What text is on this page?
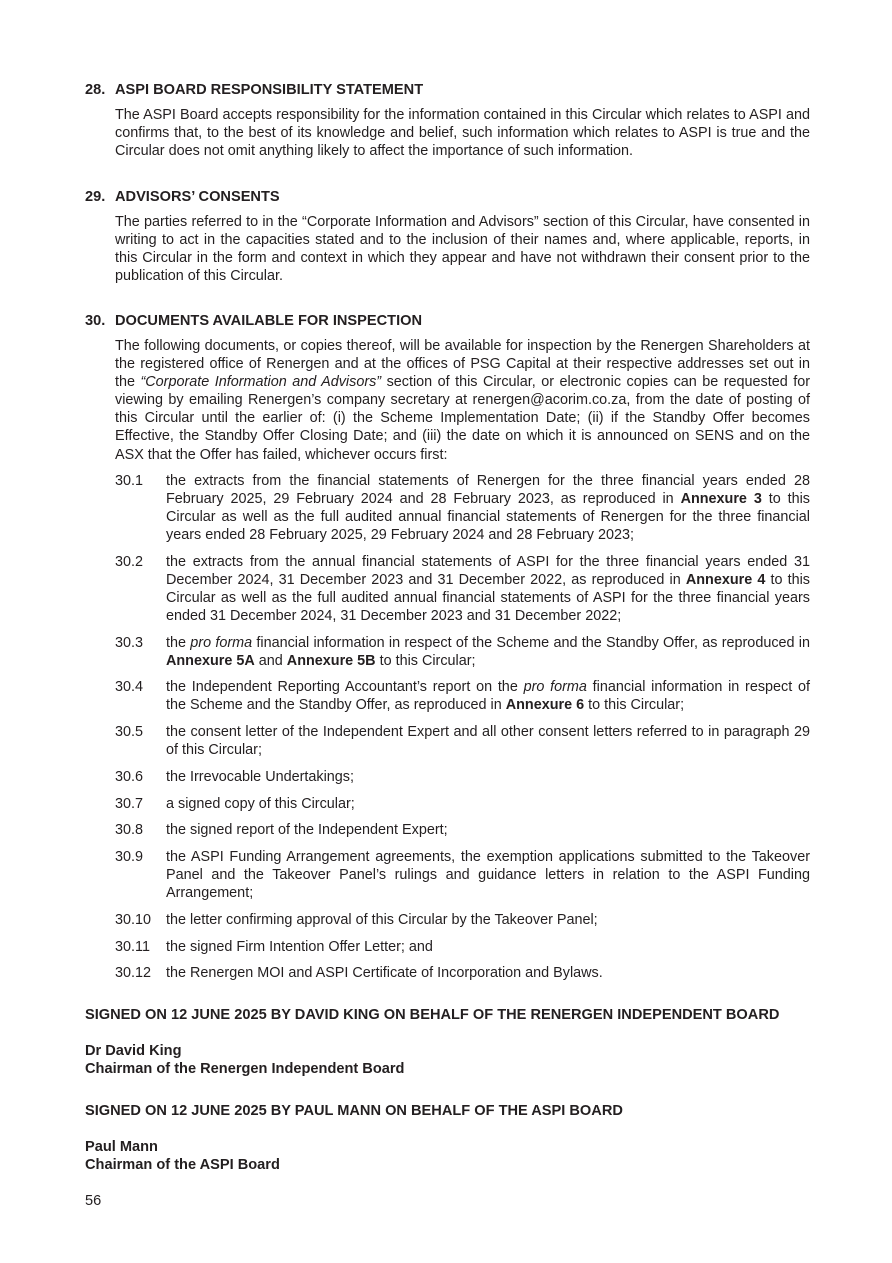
28. ASPI BOARD RESPONSIBILITY STATEMENT
The ASPI Board accepts responsibility for the information contained in this Circular which relates to ASPI and confirms that, to the best of its knowledge and belief, such information which relates to ASPI is true and the Circular does not omit anything likely to affect the importance of such information.
29. ADVISORS’ CONSENTS
The parties referred to in the “Corporate Information and Advisors” section of this Circular, have consented in writing to act in the capacities stated and to the inclusion of their names and, where applicable, reports, in this Circular in the form and context in which they appear and have not withdrawn their consent prior to the publication of this Circular.
30. DOCUMENTS AVAILABLE FOR INSPECTION
The following documents, or copies thereof, will be available for inspection by the Renergen Shareholders at the registered office of Renergen and at the offices of PSG Capital at their respective addresses set out in the “Corporate Information and Advisors” section of this Circular, or electronic copies can be requested for viewing by emailing Renergen’s company secretary at renergen@acorim.co.za, from the date of posting of this Circular until the earlier of: (i) the Scheme Implementation Date; (ii) if the Standby Offer becomes Effective, the Standby Offer Closing Date; and (iii) the date on which it is announced on SENS and on the ASX that the Offer has failed, whichever occurs first:
30.1	the extracts from the financial statements of Renergen for the three financial years ended 28 February 2025, 29 February 2024 and 28 February 2023, as reproduced in Annexure 3 to this Circular as well as the full audited annual financial statements of Renergen for the three financial years ended 28 February 2025, 29 February 2024 and 28 February 2023;
30.2	the extracts from the annual financial statements of ASPI for the three financial years ended 31 December 2024, 31 December 2023 and 31 December 2022, as reproduced in Annexure 4 to this Circular as well as the full audited annual financial statements of ASPI for the three financial years ended 31 December 2024, 31 December 2023 and 31 December 2022;
30.3	the pro forma financial information in respect of the Scheme and the Standby Offer, as reproduced in Annexure 5A and Annexure 5B to this Circular;
30.4	the Independent Reporting Accountant’s report on the pro forma financial information in respect of the Scheme and the Standby Offer, as reproduced in Annexure 6 to this Circular;
30.5	the consent letter of the Independent Expert and all other consent letters referred to in paragraph 29 of this Circular;
30.6	the Irrevocable Undertakings;
30.7	a signed copy of this Circular;
30.8	the signed report of the Independent Expert;
30.9	the ASPI Funding Arrangement agreements, the exemption applications submitted to the Takeover Panel and the Takeover Panel’s rulings and guidance letters in relation to the ASPI Funding Arrangement;
30.10	the letter confirming approval of this Circular by the Takeover Panel;
30.11	the signed Firm Intention Offer Letter; and
30.12	the Renergen MOI and ASPI Certificate of Incorporation and Bylaws.
SIGNED ON 12 JUNE 2025 BY DAVID KING ON BEHALF OF THE RENERGEN INDEPENDENT BOARD
Dr David King
Chairman of the Renergen Independent Board
SIGNED ON 12 JUNE 2025 BY PAUL MANN ON BEHALF OF THE ASPI BOARD
Paul Mann
Chairman of the ASPI Board
56
